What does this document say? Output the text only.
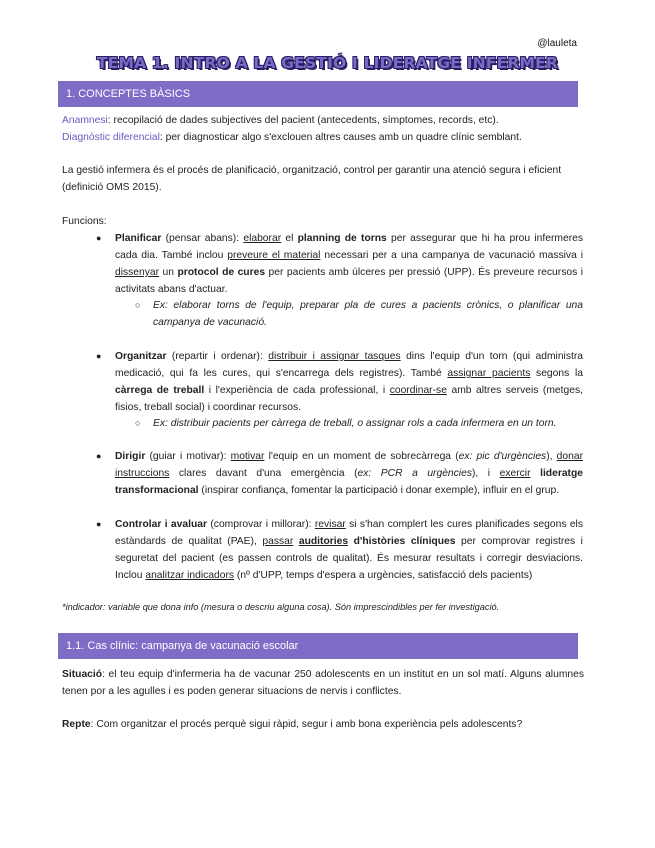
@lauleta
TEMA 1. INTRO A LA GESTIÓ I LIDERATGE INFERMER
1. CONCEPTES BÀSICS
Anamnesi: recopilació de dades subjectives del pacient (antecedents, símptomes, records, etc).
Diagnòstic diferencial: per diagnosticar algo s'exclouen altres causes amb un quadre clínic semblant.
La gestió infermera és el procés de planificació, organització, control per garantir una atenció segura i eficient (definició OMS 2015).
Funcions:
● Planificar (pensar abans): elaborar el planning de torns per assegurar que hi ha prou infermeres cada dia. També inclou preveure el material necessari per a una campanya de vacunació massiva i dissenyar un protocol de cures per pacients amb úlceres per pressió (UPP). És preveure recursos i activitats abans d'actuar.
○ Ex: elaborar torns de l'equip, preparar pla de cures a pacients crònics, o planificar una campanya de vacunació.
● Organitzar (repartir i ordenar): distribuir i assignar tasques dins l'equip d'un torn (qui administra medicació, qui fa les cures, qui s'encarrega dels registres). També assignar pacients segons la càrrega de treball i l'experiència de cada professional, i coordinar-se amb altres serveis (metges, fisios, treball social) i coordinar recursos.
○ Ex: distribuir pacients per càrrega de treball, o assignar rols a cada infermera en un torn.
● Dirigir (guiar i motivar): motivar l'equip en un moment de sobrecàrrega (ex: pic d'urgències), donar instruccions clares davant d'una emergència (ex: PCR a urgències), i exercir lideratge transformacional (inspirar confiança, fomentar la participació i donar exemple), influir en el grup.
● Controlar i avaluar (comprovar i millorar): revisar si s'han complert les cures planificades segons els estàndards de qualitat (PAE), passar auditories d'històries clíniques per comprovar registres i seguretat del pacient (es passen controls de qualitat). És mesurar resultats i corregir desviacions. Inclou analitzar indicadors (nº d'UPP, temps d'espera a urgències, satisfacció dels pacients)
*indicador: variable que dona info (mesura o descriu alguna cosa). Són imprescindibles per fer investigació.
1.1. Cas clínic: campanya de vacunació escolar
Situació: el teu equip d'infermeria ha de vacunar 250 adolescents en un institut en un sol matí. Alguns alumnes tenen por a les agulles i es poden generar situacions de nervis i conflictes.
Repte: Com organitzar el procés perquè sigui ràpid, segur i amb bona experiència pels adolescents?
